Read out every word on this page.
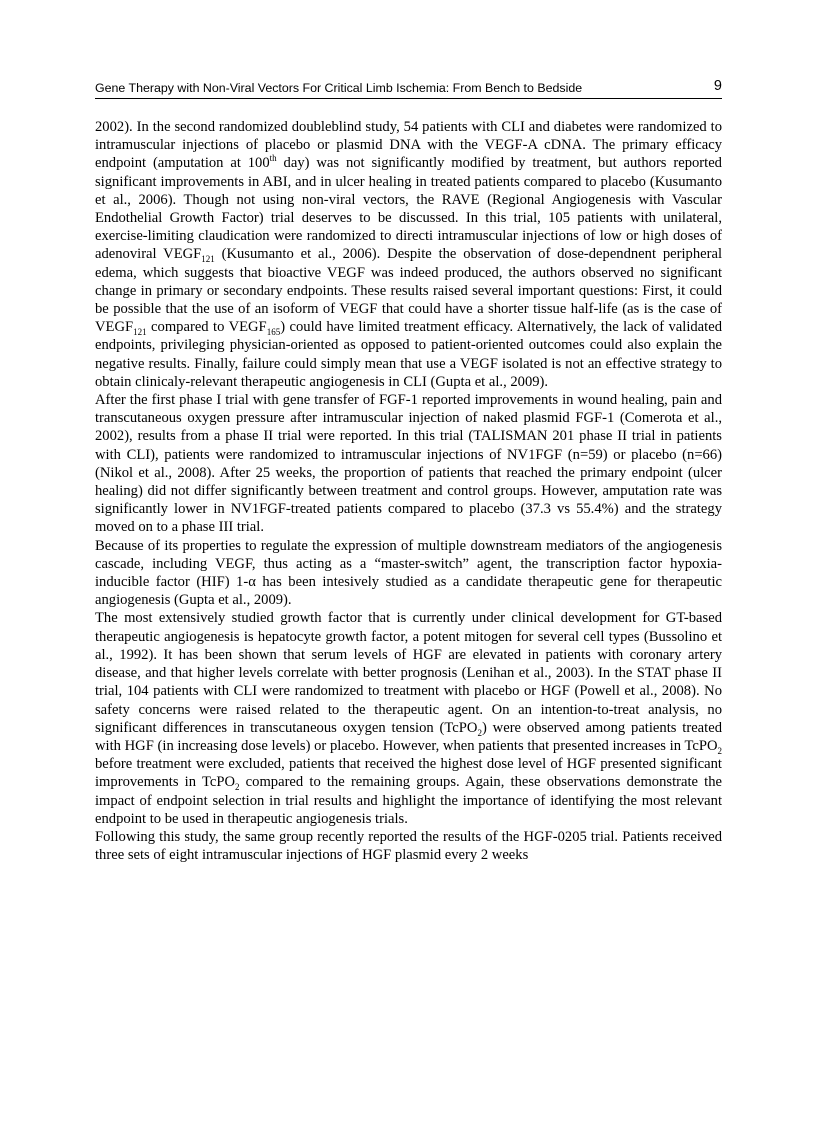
Gene Therapy with Non-Viral Vectors For Critical Limb Ischemia: From Bench to Bedside	9

2002). In the second randomized doubleblind study, 54 patients with CLI and diabetes were randomized to intramuscular injections of placebo or plasmid DNA with the VEGF-A cDNA. The primary efficacy endpoint (amputation at 100th day) was not significantly modified by treatment, but authors reported significant improvements in ABI, and in ulcer healing in treated patients compared to placebo (Kusumanto et al., 2006). Though not using non-viral vectors, the RAVE (Regional Angiogenesis with Vascular Endothelial Growth Factor) trial deserves to be discussed. In this trial, 105 patients with unilateral, exercise-limiting claudication were randomized to directi intramuscular injections of low or high doses of adenoviral $VEGF_{121}$ (Kusumanto et al., 2006). Despite the observation of dose-dependnent peripheral edema, which suggests that bioactive VEGF was indeed produced, the authors observed no significant change in primary or secondary endpoints. These results raised several important questions: First, it could be possible that the use of an isoform of VEGF that could have a shorter tissue half-life (as is the case of $VEGF_{121}$ compared to $VEGF_{165}$) could have limited treatment efficacy. Alternatively, the lack of validated endpoints, privileging physician-oriented as opposed to patient-oriented outcomes could also explain the negative results. Finally, failure could simply mean that use a VEGF isolated is not an effective strategy to obtain clinicaly-relevant therapeutic angiogenesis in CLI (Gupta et al., 2009).

After the first phase I trial with gene transfer of FGF-1 reported improvements in wound healing, pain and transcutaneous oxygen pressure after intramuscular injection of naked plasmid FGF-1 (Comerota et al., 2002), results from a phase II trial were reported. In this trial (TALISMAN 201 phase II trial in patients with CLI), patients were randomized to intramuscular injections of NV1FGF (n=59) or placebo (n=66) (Nikol et al., 2008). After 25 weeks, the proportion of patients that reached the primary endpoint (ulcer healing) did not differ significantly between treatment and control groups. However, amputation rate was significantly lower in NV1FGF-treated patients compared to placebo (37.3 vs 55.4%) and the strategy moved on to a phase III trial.

Because of its properties to regulate the expression of multiple downstream mediators of the angiogenesis cascade, including VEGF, thus acting as a “master-switch” agent, the transcription factor hypoxia-inducible factor (HIF) 1-α has been intesively studied as a candidate therapeutic gene for therapeutic angiogenesis (Gupta et al., 2009).

The most extensively studied growth factor that is currently under clinical development for GT-based therapeutic angiogenesis is hepatocyte growth factor, a potent mitogen for several cell types (Bussolino et al., 1992). It has been shown that serum levels of HGF are elevated in patients with coronary artery disease, and that higher levels correlate with better prognosis (Lenihan et al., 2003). In the STAT phase II trial, 104 patients with CLI were randomized to treatment with placebo or HGF (Powell et al., 2008). No safety concerns were raised related to the therapeutic agent. On an intention-to-treat analysis, no significant differences in transcutaneous oxygen tension (TcPO$_2$) were observed among patients treated with HGF (in increasing dose levels) or placebo. However, when patients that presented increases in TcPO$_2$ before treatment were excluded, patients that received the highest dose level of HGF presented significant improvements in TcPO$_2$ compared to the remaining groups. Again, these observations demonstrate the impact of endpoint selection in trial results and highlight the importance of identifying the most relevant endpoint to be used in therapeutic angiogenesis trials.

Following this study, the same group recently reported the results of the HGF-0205 trial. Patients received three sets of eight intramuscular injections of HGF plasmid every 2 weeks
